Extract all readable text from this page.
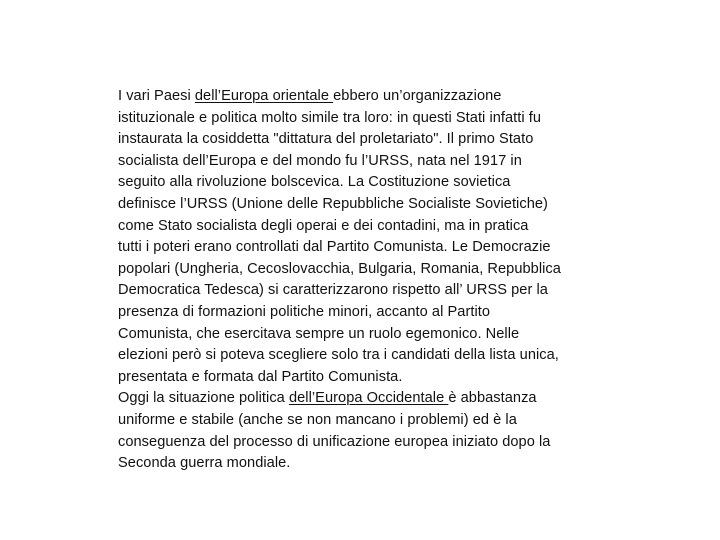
I vari Paesi dell’Europa orientale ebbero un’organizzazione
istituzionale e politica molto simile tra loro: in questi Stati infatti fu
instaurata la cosiddetta "dittatura del proletariato". Il primo Stato
socialista dell’Europa e del mondo fu l’URSS, nata nel 1917 in
seguito alla rivoluzione bolscevica. La Costituzione sovietica
definisce l’URSS (Unione delle Repubbliche Socialiste Sovietiche)
come Stato socialista degli operai e dei contadini, ma in pratica
tutti i poteri erano controllati dal Partito Comunista. Le Democrazie
popolari (Ungheria, Cecoslovacchia, Bulgaria, Romania, Repubblica
Democratica Tedesca) si caratterizzarono rispetto all’ URSS per la
presenza di formazioni politiche minori, accanto al Partito
Comunista, che esercitava sempre un ruolo egemonico. Nelle
elezioni però si poteva scegliere solo tra i candidati della lista unica,
presentata e formata dal Partito Comunista.
Oggi la situazione politica dell’Europa Occidentale è abbastanza
uniforme e stabile (anche se non mancano i problemi) ed è la
conseguenza del processo di unificazione europea iniziato dopo la
Seconda guerra mondiale.
